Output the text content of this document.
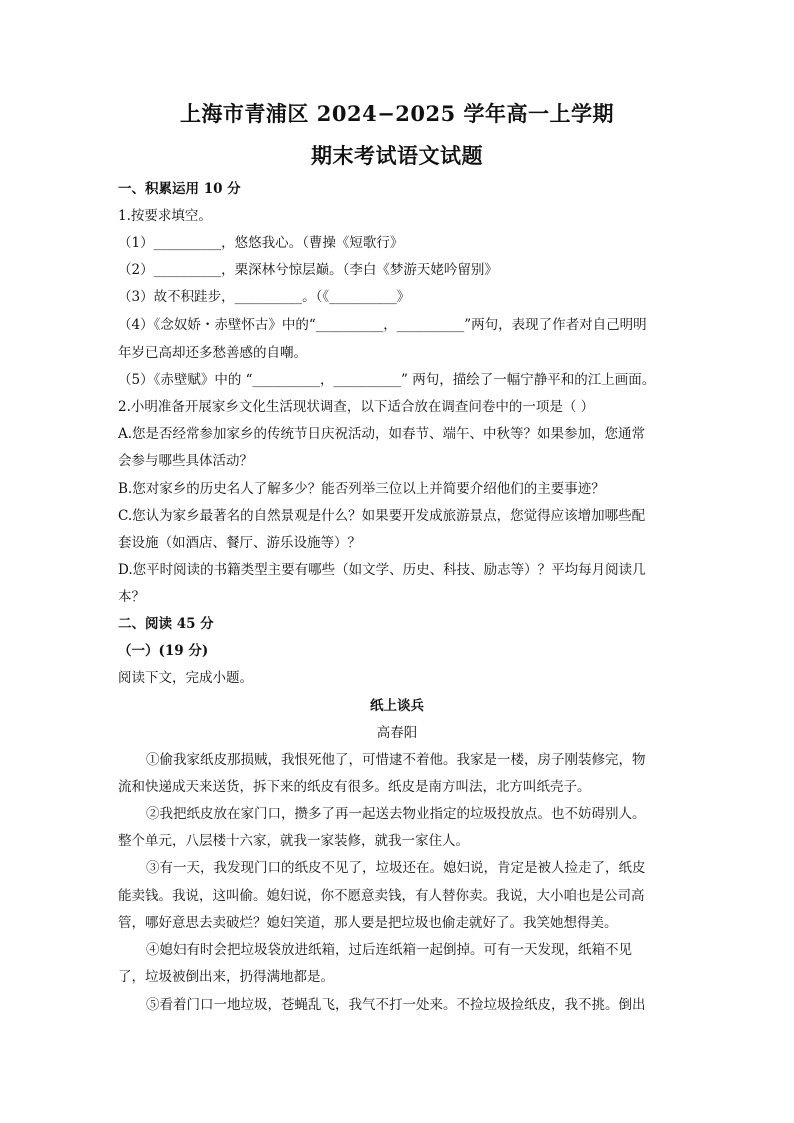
上海市青浦区 2024−2025 学年高一上学期
期末考试语文试题
一、积累运用 10 分
1.按要求填空。
（1）__________，悠悠我心。（曹操《短歌行》
（2）__________，栗深林兮惊层巅。（李白《梦游天姥吟留别》
（3）故不积跬步，__________。（《__________》
（4）《念奴娇・赤壁怀古》中的“__________，__________”两句，表现了作者对自己明明
年岁已高却还多愁善感的自嘲。
（5）《赤壁赋》中的 “__________，__________” 两句，描绘了一幅宁静平和的江上画面。
2.小明准备开展家乡文化生活现状调查，以下适合放在调查问卷中的一项是（ ）
A.您是否经常参加家乡的传统节日庆祝活动，如春节、端午、中秋等？如果参加，您通常
会参与哪些具体活动？
B.您对家乡的历史名人了解多少？能否列举三位以上并简要介绍他们的主要事迹？
C.您认为家乡最著名的自然景观是什么？如果要开发成旅游景点，您觉得应该增加哪些配
套设施（如酒店、餐厅、游乐设施等）？
D.您平时阅读的书籍类型主要有哪些（如文学、历史、科技、励志等）？平均每月阅读几
本？
二、阅读 45 分
（一）(19 分)
阅读下文，完成小题。
纸上谈兵
高春阳
①偷我家纸皮那损贼，我恨死他了，可惜逮不着他。我家是一楼，房子刚装修完，物
流和快递成天来送货，拆下来的纸皮有很多。纸皮是南方叫法，北方叫纸壳子。
②我把纸皮放在家门口，攒多了再一起送去物业指定的垃圾投放点。也不妨碍别人。
整个单元，八层楼十六家，就我一家装修，就我一家住人。
③有一天，我发现门口的纸皮不见了，垃圾还在。媳妇说，肯定是被人捡走了，纸皮
能卖钱。我说，这叫偷。媳妇说，你不愿意卖钱，有人替你卖。我说，大小咱也是公司高
管，哪好意思去卖破烂？媳妇笑道，那人要是把垃圾也偷走就好了。我笑她想得美。
④媳妇有时会把垃圾袋放进纸箱，过后连纸箱一起倒掉。可有一天发现，纸箱不见
了，垃圾被倒出来，扔得满地都是。
⑤看着门口一地垃圾，苍蝇乱飞，我气不打一处来。不捡垃圾捡纸皮，我不挑。倒出
